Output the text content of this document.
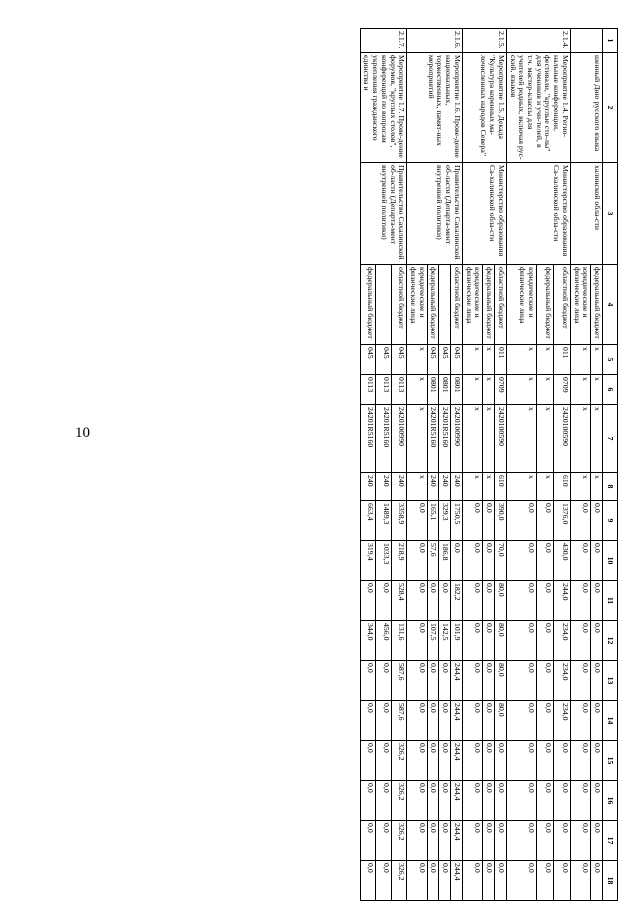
10
1	2	3	4	5	6	7	8	9	10	11	12	13	14	15	16	17	18
	шенный Дню русского языка	халинской обла-сти	федеральный бюджет	x	x	x	x	0,0	0,0	0,0	0,0	0,0	0,0	0,0	0,0	0,0	0,0
			юридические и физические лица	x	x	x	x	0,0	0,0	0,0	0,0	0,0	0,0	0,0	0,0	0,0	0,0
2.1.4.	Мероприятие 1.4. Регио-нальные конференции, фестивали, "круглые сто-лы" для учеников и учи-телей, в т.ч. мастер-классы для учителей родных, включая рус-ский, языков	Министерство образования Са-халинской обла-сти	областной бюджет	011	0709	2420100590	610	1376,0	430,0	244,0	234,0	234,0	234,0	0,0	0,0	0,0	0,0
			федеральный бюджет	x	x	x	x	0,0	0,0	0,0	0,0	0,0	0,0	0,0	0,0	0,0	0,0
			юридические и физические лица	x	x	x	x	0,0	0,0	0,0	0,0	0,0	0,0	0,0	0,0	0,0	0,0
2.1.5.	Мероприятие 1.5. Декада "Культура коренных ма-лочисленных народов Севера"	Министерство образования Са-халинской обла-сти	областной бюджет	011	0709	2420100590	610	390,0	70,0	80,0	80,0	80,0	80,0	0,0	0,0	0,0	0,0
			федеральный бюджет	x	x	x	x	0,0	0,0	0,0	0,0	0,0	0,0	0,0	0,0	0,0	0,0
			юридические и физические лица	x	x	x	x	0,0	0,0	0,0	0,0	0,0	0,0	0,0	0,0	0,0	0,0
2.1.6.	Мероприятие 1.6. Прове-дение национальных, торжественных, памят-ных мероприятий	Правительство Сахалинской об-ласти (Департа-мент внутренней политики)	областной бюджет	045	0801	2420100990	240	1750,5	0,0	182,2	101,9	244,4	244,4	244,4	244,4	244,4	244,4
				045	0801	24201R5160	240	329,3	186,8	0,0	142,5	0,0	0,0	0,0	0,0	0,0	0,0
			федеральный бюджет	045	0801	24201R5160	240	165,1	57,6	0,0	107,5	0,0	0,0	0,0	0,0	0,0	0,0
			юридические и физические лица	x	x	x	x	0,0	0,0	0,0	0,0	0,0	0,0	0,0	0,0	0,0	0,0
2.1.7.	Мероприятие 1.7. Прове-дение форумов, "круглых столов", конференций по вопросам укрепления гражданского единства и	Правительство Сахалинской об-ласти (Департа-мент внутренней политики)	областной бюджет	045	0113	2420100990	240	3358,9	218,9	528,4	131,6	587,6	587,6	326,2	326,2	326,2	326,2
				045	0113	24201R5160	240	1489,3	1033,3	0,0	456,0	0,0	0,0	0,0	0,0	0,0	0,0
			федеральный бюджет	045	0113	24201R5160	240	663,4	319,4	0,0	344,0	0,0	0,0	0,0	0,0	0,0	0,0
